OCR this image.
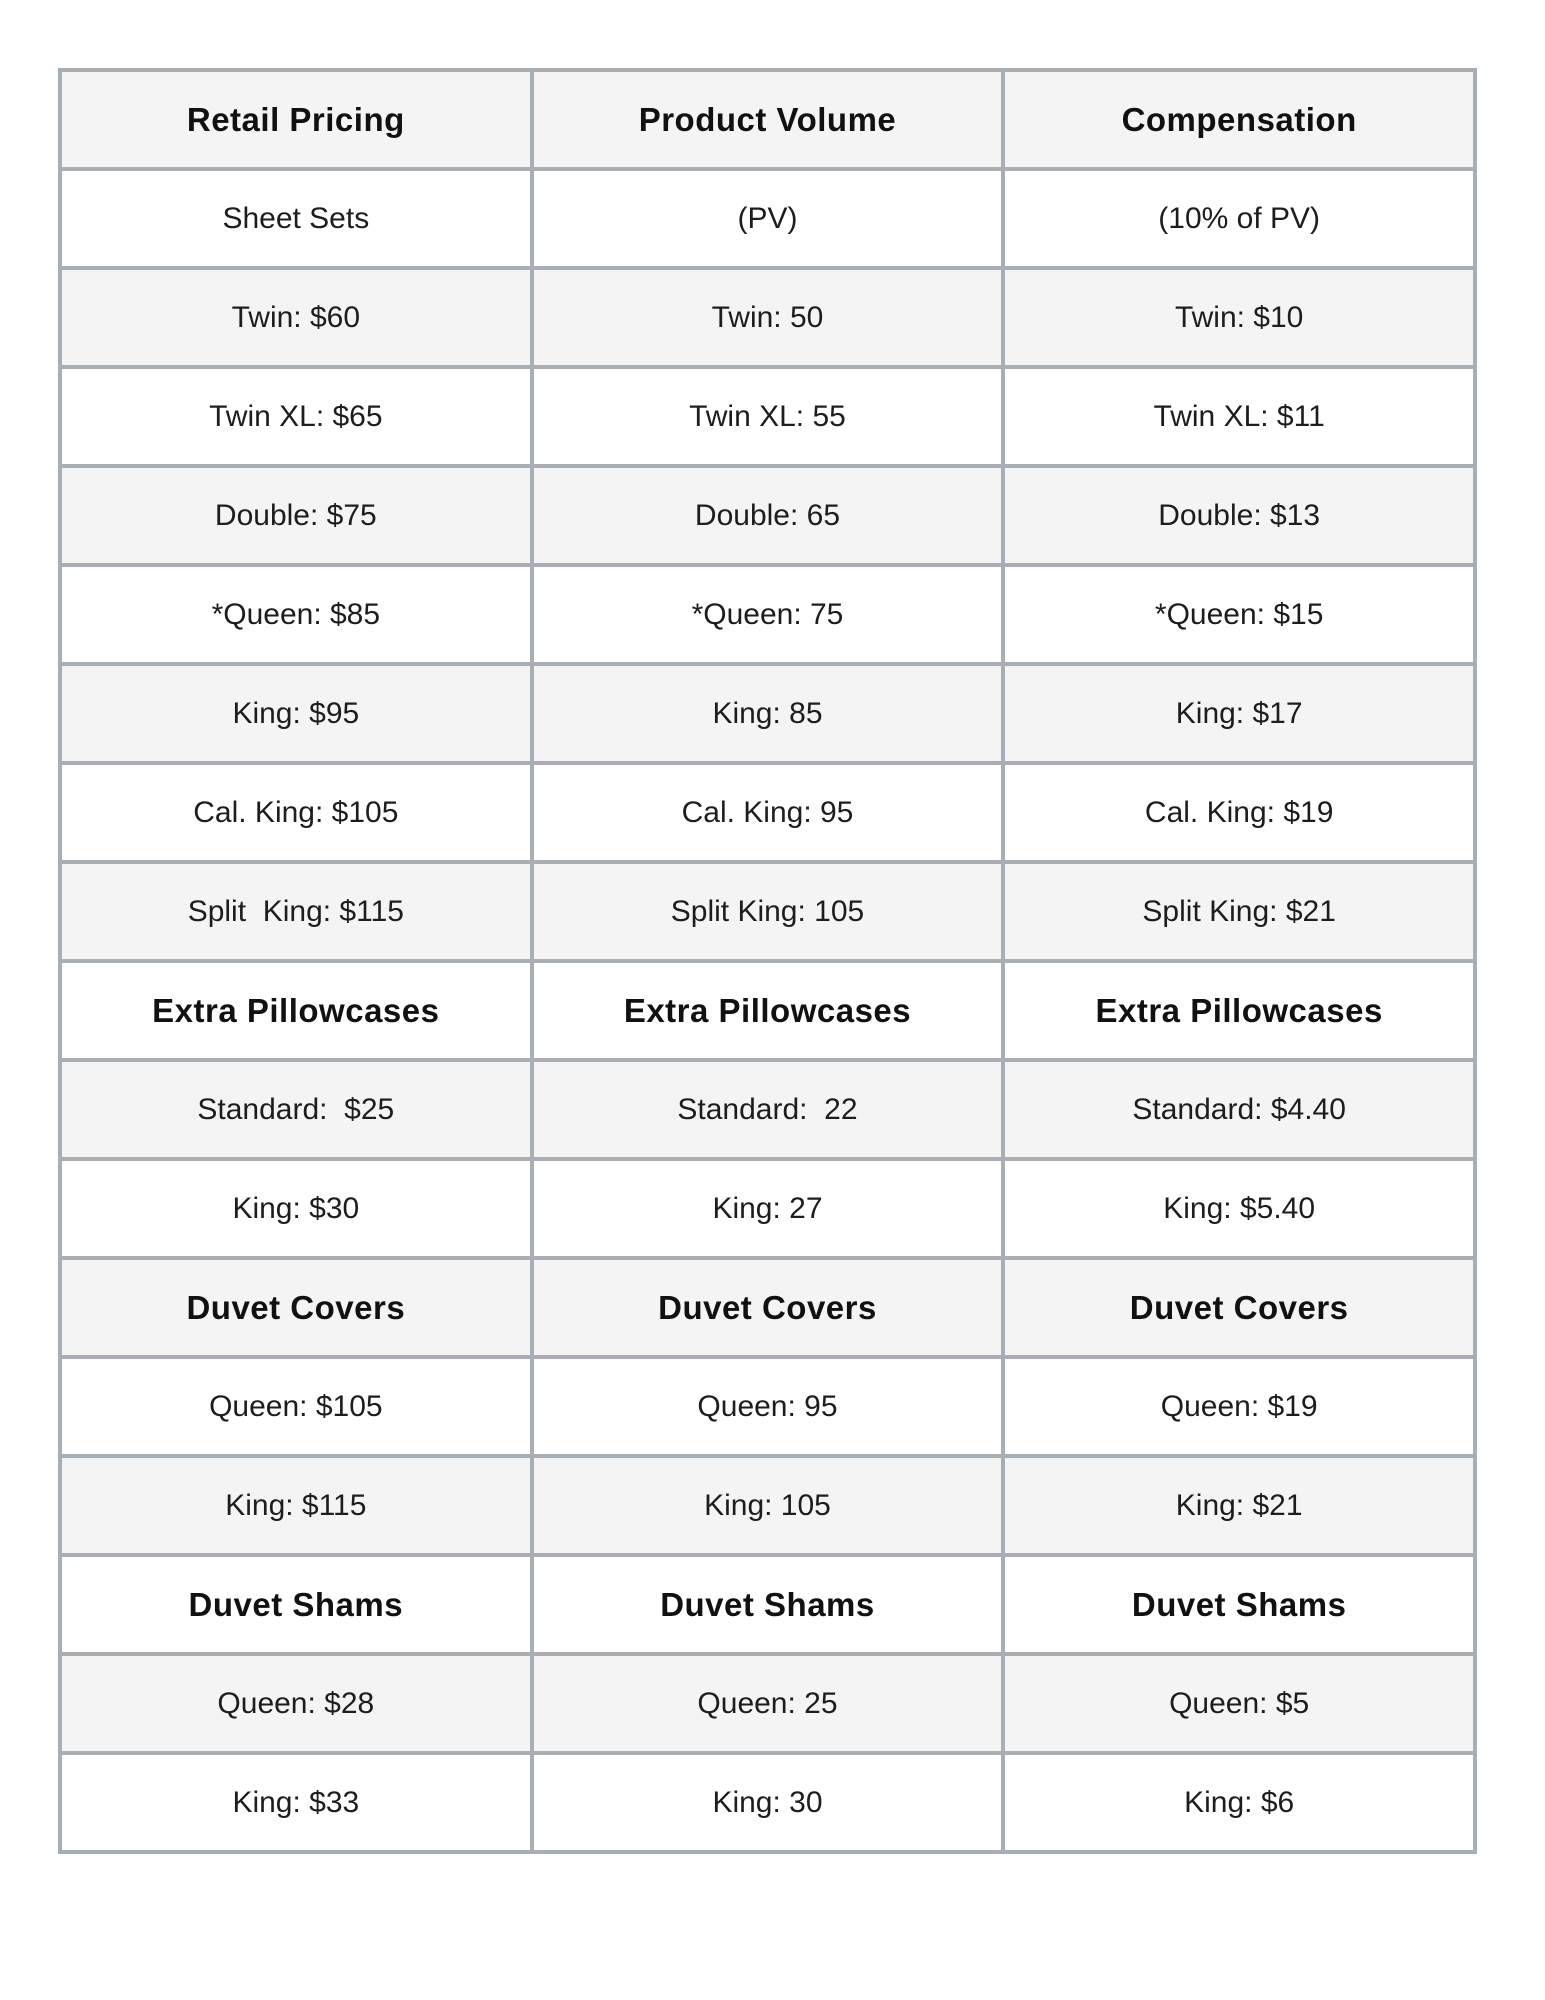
Retail Pricing	Product Volume	Compensation
Sheet Sets	(PV)	(10% of PV)
Twin: $60	Twin: 50	Twin: $10
Twin XL: $65	Twin XL: 55	Twin XL: $11
Double: $75	Double: 65	Double: $13
*Queen: $85	*Queen: 75	*Queen: $15
King: $95	King: 85	King: $17
Cal. King: $105	Cal. King: 95	Cal. King: $19
Split  King: $115	Split King: 105	Split King: $21
Extra Pillowcases	Extra Pillowcases	Extra Pillowcases
Standard:  $25	Standard:  22	Standard: $4.40
King: $30	King: 27	King: $5.40
Duvet Covers	Duvet Covers	Duvet Covers
Queen: $105	Queen: 95	Queen: $19
King: $115	King: 105	King: $21
Duvet Shams	Duvet Shams	Duvet Shams
Queen: $28	Queen: 25	Queen: $5
King: $33	King: 30	King: $6
